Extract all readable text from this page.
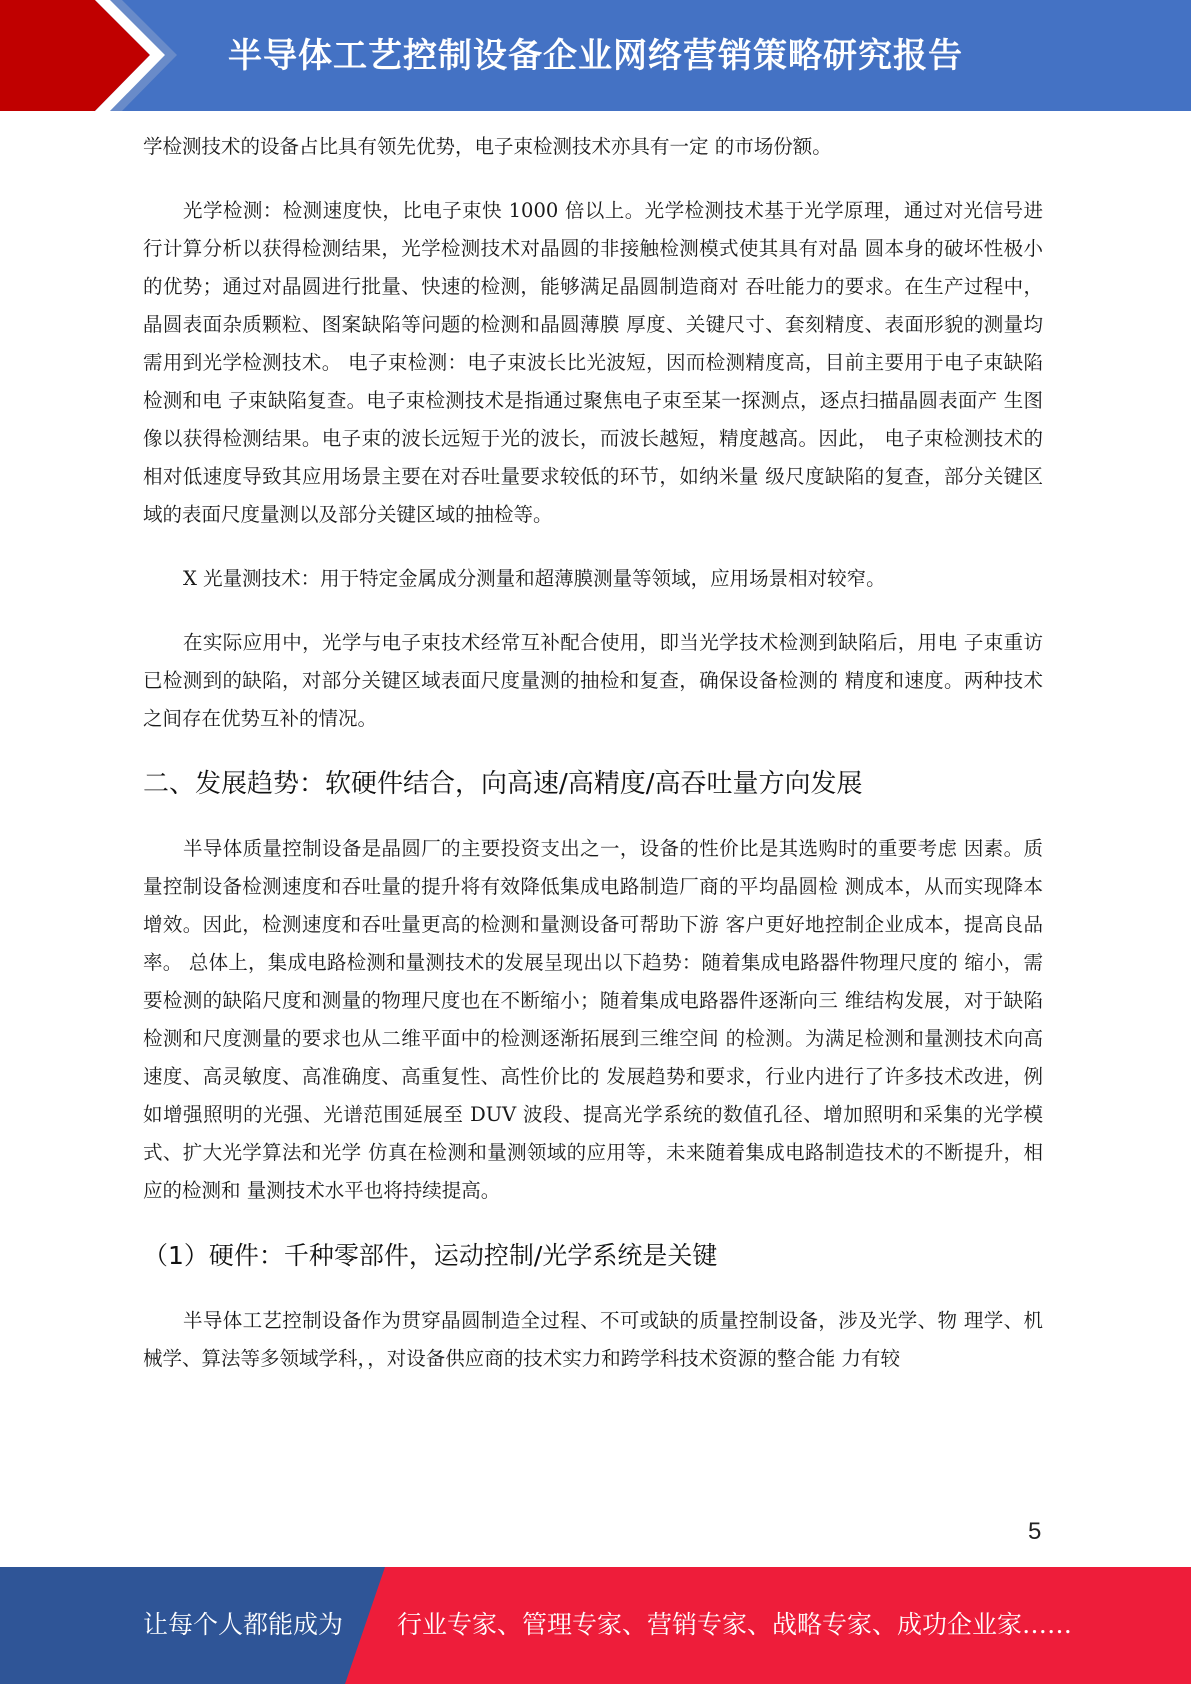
半导体工艺控制设备企业网络营销策略研究报告

学检测技术的设备占比具有领先优势，电子束检测技术亦具有一定 的市场份额。

光学检测：检测速度快，比电子束快 1000 倍以上。光学检测技术基于光学原理，通过对光信号进行计算分析以获得检测结果，光学检测技术对晶圆的非接触检测模式使其具有对晶 圆本身的破坏性极小的优势；通过对晶圆进行批量、快速的检测，能够满足晶圆制造商对 吞吐能力的要求。在生产过程中，晶圆表面杂质颗粒、图案缺陷等问题的检测和晶圆薄膜 厚度、关键尺寸、套刻精度、表面形貌的测量均需用到光学检测技术。 电子束检测：电子束波长比光波短，因而检测精度高，目前主要用于电子束缺陷检测和电 子束缺陷复查。电子束检测技术是指通过聚焦电子束至某一探测点，逐点扫描晶圆表面产 生图像以获得检测结果。电子束的波长远短于光的波长，而波长越短，精度越高。因此， 电子束检测技术的相对低速度导致其应用场景主要在对吞吐量要求较低的环节，如纳米量 级尺度缺陷的复查，部分关键区域的表面尺度量测以及部分关键区域的抽检等。

X 光量测技术：用于特定金属成分测量和超薄膜测量等领域，应用场景相对较窄。

在实际应用中，光学与电子束技术经常互补配合使用，即当光学技术检测到缺陷后，用电 子束重访已检测到的缺陷，对部分关键区域表面尺度量测的抽检和复查，确保设备检测的 精度和速度。两种技术之间存在优势互补的情况。

二、发展趋势：软硬件结合，向高速/高精度/高吞吐量方向发展

半导体质量控制设备是晶圆厂的主要投资支出之一，设备的性价比是其选购时的重要考虑 因素。质量控制设备检测速度和吞吐量的提升将有效降低集成电路制造厂商的平均晶圆检 测成本，从而实现降本增效。因此，检测速度和吞吐量更高的检测和量测设备可帮助下游 客户更好地控制企业成本，提高良品率。 总体上，集成电路检测和量测技术的发展呈现出以下趋势：随着集成电路器件物理尺度的 缩小，需要检测的缺陷尺度和测量的物理尺度也在不断缩小；随着集成电路器件逐渐向三 维结构发展，对于缺陷检测和尺度测量的要求也从二维平面中的检测逐渐拓展到三维空间 的检测。为满足检测和量测技术向高速度、高灵敏度、高准确度、高重复性、高性价比的 发展趋势和要求，行业内进行了许多技术改进，例如增强照明的光强、光谱范围延展至 DUV 波段、提高光学系统的数值孔径、增加照明和采集的光学模式、扩大光学算法和光学 仿真在检测和量测领域的应用等，未来随着集成电路制造技术的不断提升，相应的检测和 量测技术水平也将持续提高。

（1）硬件：千种零部件，运动控制/光学系统是关键

半导体工艺控制设备作为贯穿晶圆制造全过程、不可或缺的质量控制设备，涉及光学、物 理学、机械学、算法等多领域学科，，对设备供应商的技术实力和跨学科技术资源的整合能 力有较

5
让每个人都能成为 行业专家、管理专家、营销专家、战略专家、成功企业家……
